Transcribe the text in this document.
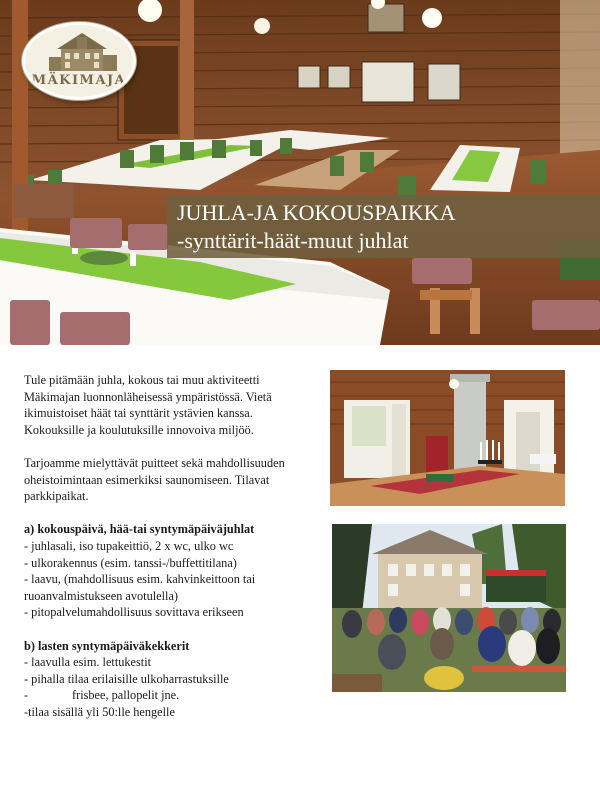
MÄKIMAJA
JUHLA-JA KOKOUSPAIKKA
-synttärit-häät-muut juhlat

Tule pitämään juhla, kokous tai muu aktiviteetti Mäkimajan luonnonläheisessä ympäristössä. Vietä ikimuistoiset häät tai synttärit ystävien kanssa. Kokouksille ja koulutuksille innovoiva miljöö.

Tarjoamme mielyttävät puitteet sekä mahdollisuuden oheistoimintaan esimerkiksi saunomiseen. Tilavat parkkipaikat.

a) kokouspäivä, hää-tai syntymäpäiväjuhlat
- juhlasali, iso tupakeittiö, 2 x wc, ulko wc
- ulkorakennus (esim. tanssi-/buffettitilana)
- laavu, (mahdollisuus esim. kahvinkeittoon tai
ruoanvalmistukseen avotulella)
- pitopalvelumahdollisuus sovittava erikseen
b) lasten syntymäpäiväkekkerit
- laavulla esim. lettukestit
- pihalla tilaa erilaisille ulkoharrastuksille
-	frisbee, pallopelit jne.
-tilaa sisällä yli 50:lle hengelle
